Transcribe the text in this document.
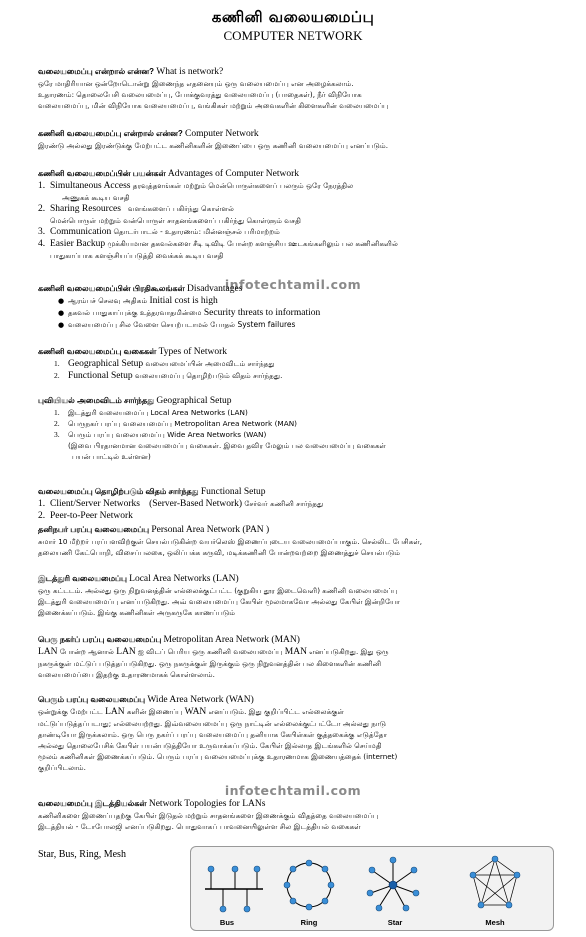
கணினி வலையமைப்பு
COMPUTER NETWORK
வலையமைப்பு என்றால் என்ன? What is network?
ஒரே மாதிரியான ஒன்றோடொன்று இணைந்த எதனையும் ஒரு வலையமைப்பு என அழைக்கலாம்.
உதாரணம்: தொலைபேசி வலையமைப்பு, போக்குவரத்து வலையமைப்பு (பாதைகள்), நீர் விநியோக
வலையமைப்பு, மின் விநியோக வலையமைப்பு, வங்கிகள் மற்றும் அவைகளின் கிளைகளின் வலையமைப்பு
கணினி வலையமைப்பு என்றால் என்ன? Computer Network
இரண்டு அல்லது இரண்டுக்கு மேற்பட்ட கணினிகளின் இணைப்பை ஒரு கணினி வலையமைப்பு எனப்படும்.
கணினி வலையமைப்பின் பயன்கள் Advantages of Computer Network
1. Simultaneous Access தரவுத்தளங்கள் மற்றும் மென்பொருள்களைப் பலரும் ஒரே நேரத்தில
அணுகக் கூடிய வசதி
2. Sharing Resources வளங்களைப் பகிர்ந்து கொள்ளல்
மென்பொருள் மற்றும் வன்பொருள் சாதனங்களைப் பகிர்ந்து கொள்ளும் வசதி
3. Communication தொடர்பாடல் - உதாரணம்: மின்னஞ்சல் பரிமாற்றம்
4. Easier Backup முக்கியமான தகவல்களை சீடி டிவிடி போன்ற களஞ்சிய ஊடகங்களிலும் பல கணினிகளில்
பாதுகாப்பாக களஞ்சியப்படுத்தி வைக்கக் கூடிய வசதி
infotechtamil.com
கணினி வலையமைப்பின் பிரதிகூலங்கள் Disadvantages
● ஆரம்பச் செலவு அதிகம் Initial cost is high
● தகவல் பாதுகாப்புக்கு உத்தரவாதமின்மை Security threats to information
● வலையமைப்பு சில வேளை செயற்படாமல் போதல் System failures
கணினி வலையமைப்பு வகைகள் Types of Network
1. Geographical Setup வலையமைப்பின் அமைவிடம் சார்ந்தது
2. Functional Setup வலையமைப்பு தொழிற்படும் விதம் சார்ந்தது.
புவியியல் அமைவிடம் சார்ந்தது Geographical Setup
1. இடத்துரி வலையமைப்பு Local Area Networks (LAN)
2. பெருநகர் பரப்பு வலையமைப்பு Metropolitan Area Network (MAN)
3. பெரும் பரப்பு வலையமைப்பு Wide Area Networks (WAN)
(இவை பிரதானமான வலையமைப்பு வகைகள். இவை தவிர மேலும் பல வலையமைப்பு வகைகள்
பயன் பாட்டில் உள்ளன)
வலையமைப்பு தொழிற்படும் விதம் சார்ந்தது Functional Setup
1. Client/Server Networks (Server-Based Network) சேர்வர் கணினி சார்ந்தது
2. Peer-to-Peer Network
தனிநபர் பரப்பு வலையமைப்பு Personal Area Network (PAN )
சுமார் 10 மீற்றர் பரப்பளவிற்குள் செயல்படுகின்ற வயர்லெஸ் இணைப்புடைய வலையமைப்பாகும். செல்லிட பேசிகள்,
தலையணி கேட்பொறி, விசைப்பலகை, ஒலிப்பக்க கருவி, மடிக்கணினி போன்றவற்றை இணைத்துச் செயல்படும்
இடத்துரி வலையமைப்பு Local Area Networks (LAN)
ஒரு கட்டடம். அல்லது ஒரு நிறுவனத்தின் எல்லைக்குட்பட்ட (குறுகிய தூர இடைவெளி) கணினி வலையமைப்பு
இடத்துரி வலையமைப்பு எனப்படுகிறது. அவ் வலையமைப்பு கேபிள் மூலமாகவோ அல்லது கேபிள் இன்றியோ
இணைக்கப்படும். இங்கு கணினிகள் அருகருகே காணப்படும்
பெரு நகர்ப் பரப்பு வலையமைப்பு Metropolitan Area Network (MAN)
LAN போன்ற ஆனால் LAN ஐ விடப் பெரிய ஒரு கணினி வலையமைப்பு MAN எனப்படுகிறது. இது ஒரு
நகருக்குள் மட்டுப் படுத்தப்படுகிறது. ஒரு நகருக்குள் இருக்கும் ஒரு நிறுவனத்தின் பல கிளைகளின் கணினி
வலையமைப்பை இதற்கு உதாரணமாகக் கொள்ளலாம்.
பெரும் பரப்பு வலையமைப்பு Wide Area Network (WAN)
ஒன்றுக்கு மேற்பட்ட LAN களின் இணைப்பு WAN எனப்படும். இது குறிப்பிட்ட எல்லைக்குள்
மட்டுப்படுத்தப்படாது; எல்லையற்றது. இவ்வலையமைப்பு ஒரு நாட்டின் எல்லைக்குட்பட்டோ அல்லது நாடு
தாண்டியோ இருக்கலாம். ஒரு பெரு நகர்ப் பரப்பு வலையமைப்பு தனியாக கேபிள்கள் குத்தகைக்கு எடுத்தோ
அல்லது தொலைபேசிக் கேபிள் பயன்படுத்தியோ உருவாக்கப்படும். கேபிள் இல்லாத இடங்களில் செய்மதி
மூலம் கணினிகள் இணைக்கப்படும். பெரும் பரப்பு வலையமைப்புக்கு உதாரணமாக இணையத்தைக் (internet)
குறிப்பிடலாம்.
infotechtamil.com
வலையமைப்பு இடத்தியல்கள் Network Topologies for LANs
கணினிகளை இணைப்பதற்கு கேபிள் இடுதல் மற்றும் சாதனங்களை இணைக்கும் விதத்தை வலையமைப்பு
இடத்தியல் - டோபோலஜி எனப்படுகிறது. பொதுவாகப் பாவனையிலுள்ள சில இடத்தியல் வகைகள்
Star, Bus, Ring, Mesh
Bus	Ring	Star	Mesh
